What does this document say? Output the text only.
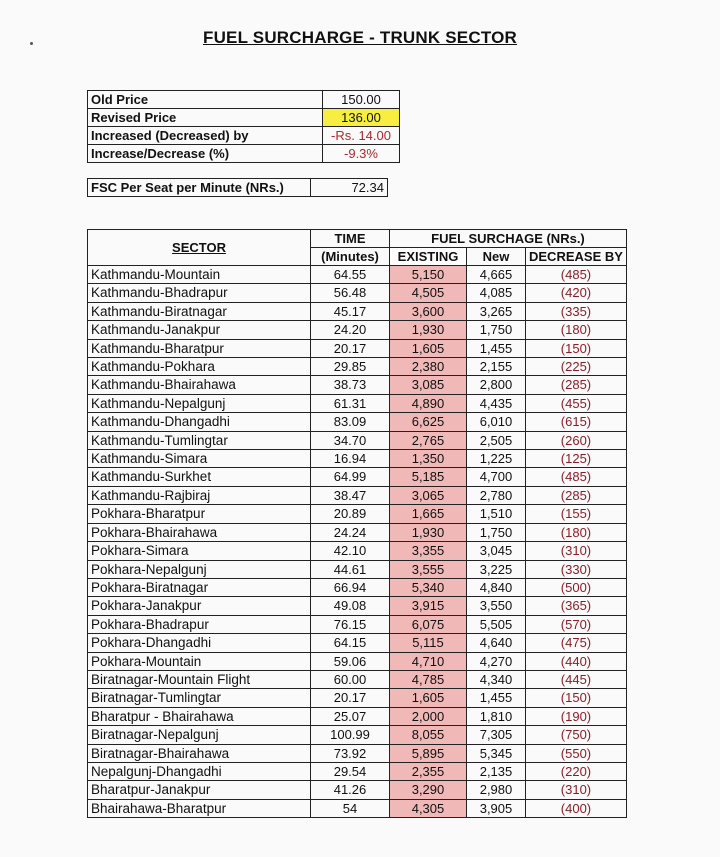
FUEL SURCHARGE - TRUNK SECTOR
Old Price	150.00
Revised Price	136.00
Increased (Decreased) by	-Rs. 14.00
Increase/Decrease (%)	-9.3%
FSC Per Seat per Minute (NRs.)	72.34
SECTOR	TIME	FUEL SURCHAGE (NRs.)		
	(Minutes)	EXISTING	New	DECREASE BY
Kathmandu-Mountain	64.55	5,150	4,665	(485)
Kathmandu-Bhadrapur	56.48	4,505	4,085	(420)
Kathmandu-Biratnagar	45.17	3,600	3,265	(335)
Kathmandu-Janakpur	24.20	1,930	1,750	(180)
Kathmandu-Bharatpur	20.17	1,605	1,455	(150)
Kathmandu-Pokhara	29.85	2,380	2,155	(225)
Kathmandu-Bhairahawa	38.73	3,085	2,800	(285)
Kathmandu-Nepalgunj	61.31	4,890	4,435	(455)
Kathmandu-Dhangadhi	83.09	6,625	6,010	(615)
Kathmandu-Tumlingtar	34.70	2,765	2,505	(260)
Kathmandu-Simara	16.94	1,350	1,225	(125)
Kathmandu-Surkhet	64.99	5,185	4,700	(485)
Kathmandu-Rajbiraj	38.47	3,065	2,780	(285)
Pokhara-Bharatpur	20.89	1,665	1,510	(155)
Pokhara-Bhairahawa	24.24	1,930	1,750	(180)
Pokhara-Simara	42.10	3,355	3,045	(310)
Pokhara-Nepalgunj	44.61	3,555	3,225	(330)
Pokhara-Biratnagar	66.94	5,340	4,840	(500)
Pokhara-Janakpur	49.08	3,915	3,550	(365)
Pokhara-Bhadrapur	76.15	6,075	5,505	(570)
Pokhara-Dhangadhi	64.15	5,115	4,640	(475)
Pokhara-Mountain	59.06	4,710	4,270	(440)
Biratnagar-Mountain Flight	60.00	4,785	4,340	(445)
Biratnagar-Tumlingtar	20.17	1,605	1,455	(150)
Bharatpur - Bhairahawa	25.07	2,000	1,810	(190)
Biratnagar-Nepalgunj	100.99	8,055	7,305	(750)
Biratnagar-Bhairahawa	73.92	5,895	5,345	(550)
Nepalgunj-Dhangadhi	29.54	2,355	2,135	(220)
Bharatpur-Janakpur	41.26	3,290	2,980	(310)
Bhairahawa-Bharatpur	54	4,305	3,905	(400)
